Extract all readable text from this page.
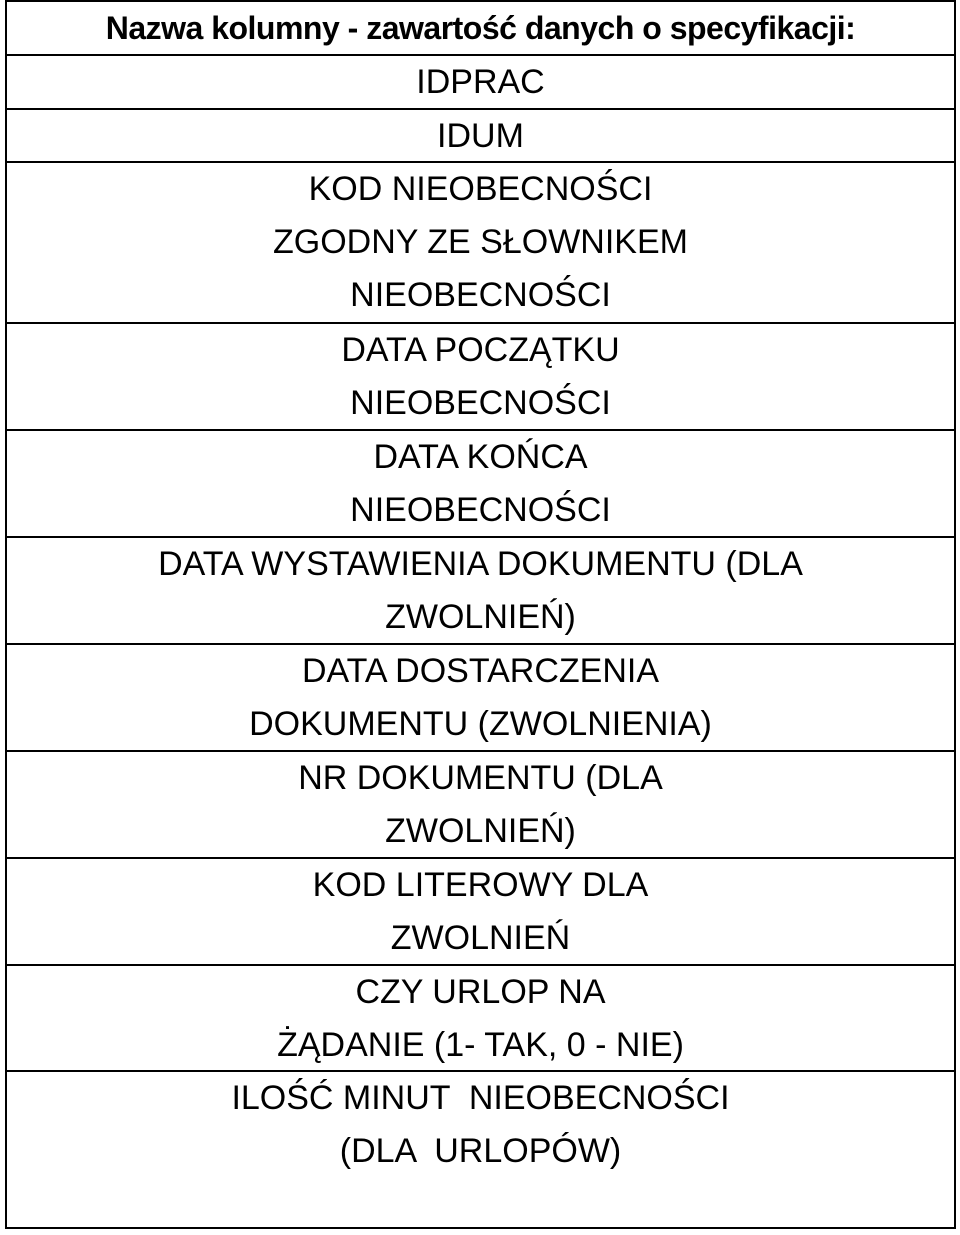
Nazwa kolumny - zawartość danych o specyfikacji:
IDPRAC
IDUM
KOD NIEOBECNOŚCI
ZGODNY ZE SŁOWNIKEM
NIEOBECNOŚCI
DATA POCZĄTKU
NIEOBECNOŚCI
DATA KOŃCA
NIEOBECNOŚCI
DATA WYSTAWIENIA DOKUMENTU (DLA
ZWOLNIEŃ)
DATA DOSTARCZENIA
DOKUMENTU (ZWOLNIENIA)
NR DOKUMENTU (DLA
ZWOLNIEŃ)
KOD LITEROWY DLA
ZWOLNIEŃ
CZY URLOP NA
ŻĄDANIE (1- TAK, 0 - NIE)
ILOŚĆ MINUT  NIEOBECNOŚCI
(DLA  URLOPÓW)
